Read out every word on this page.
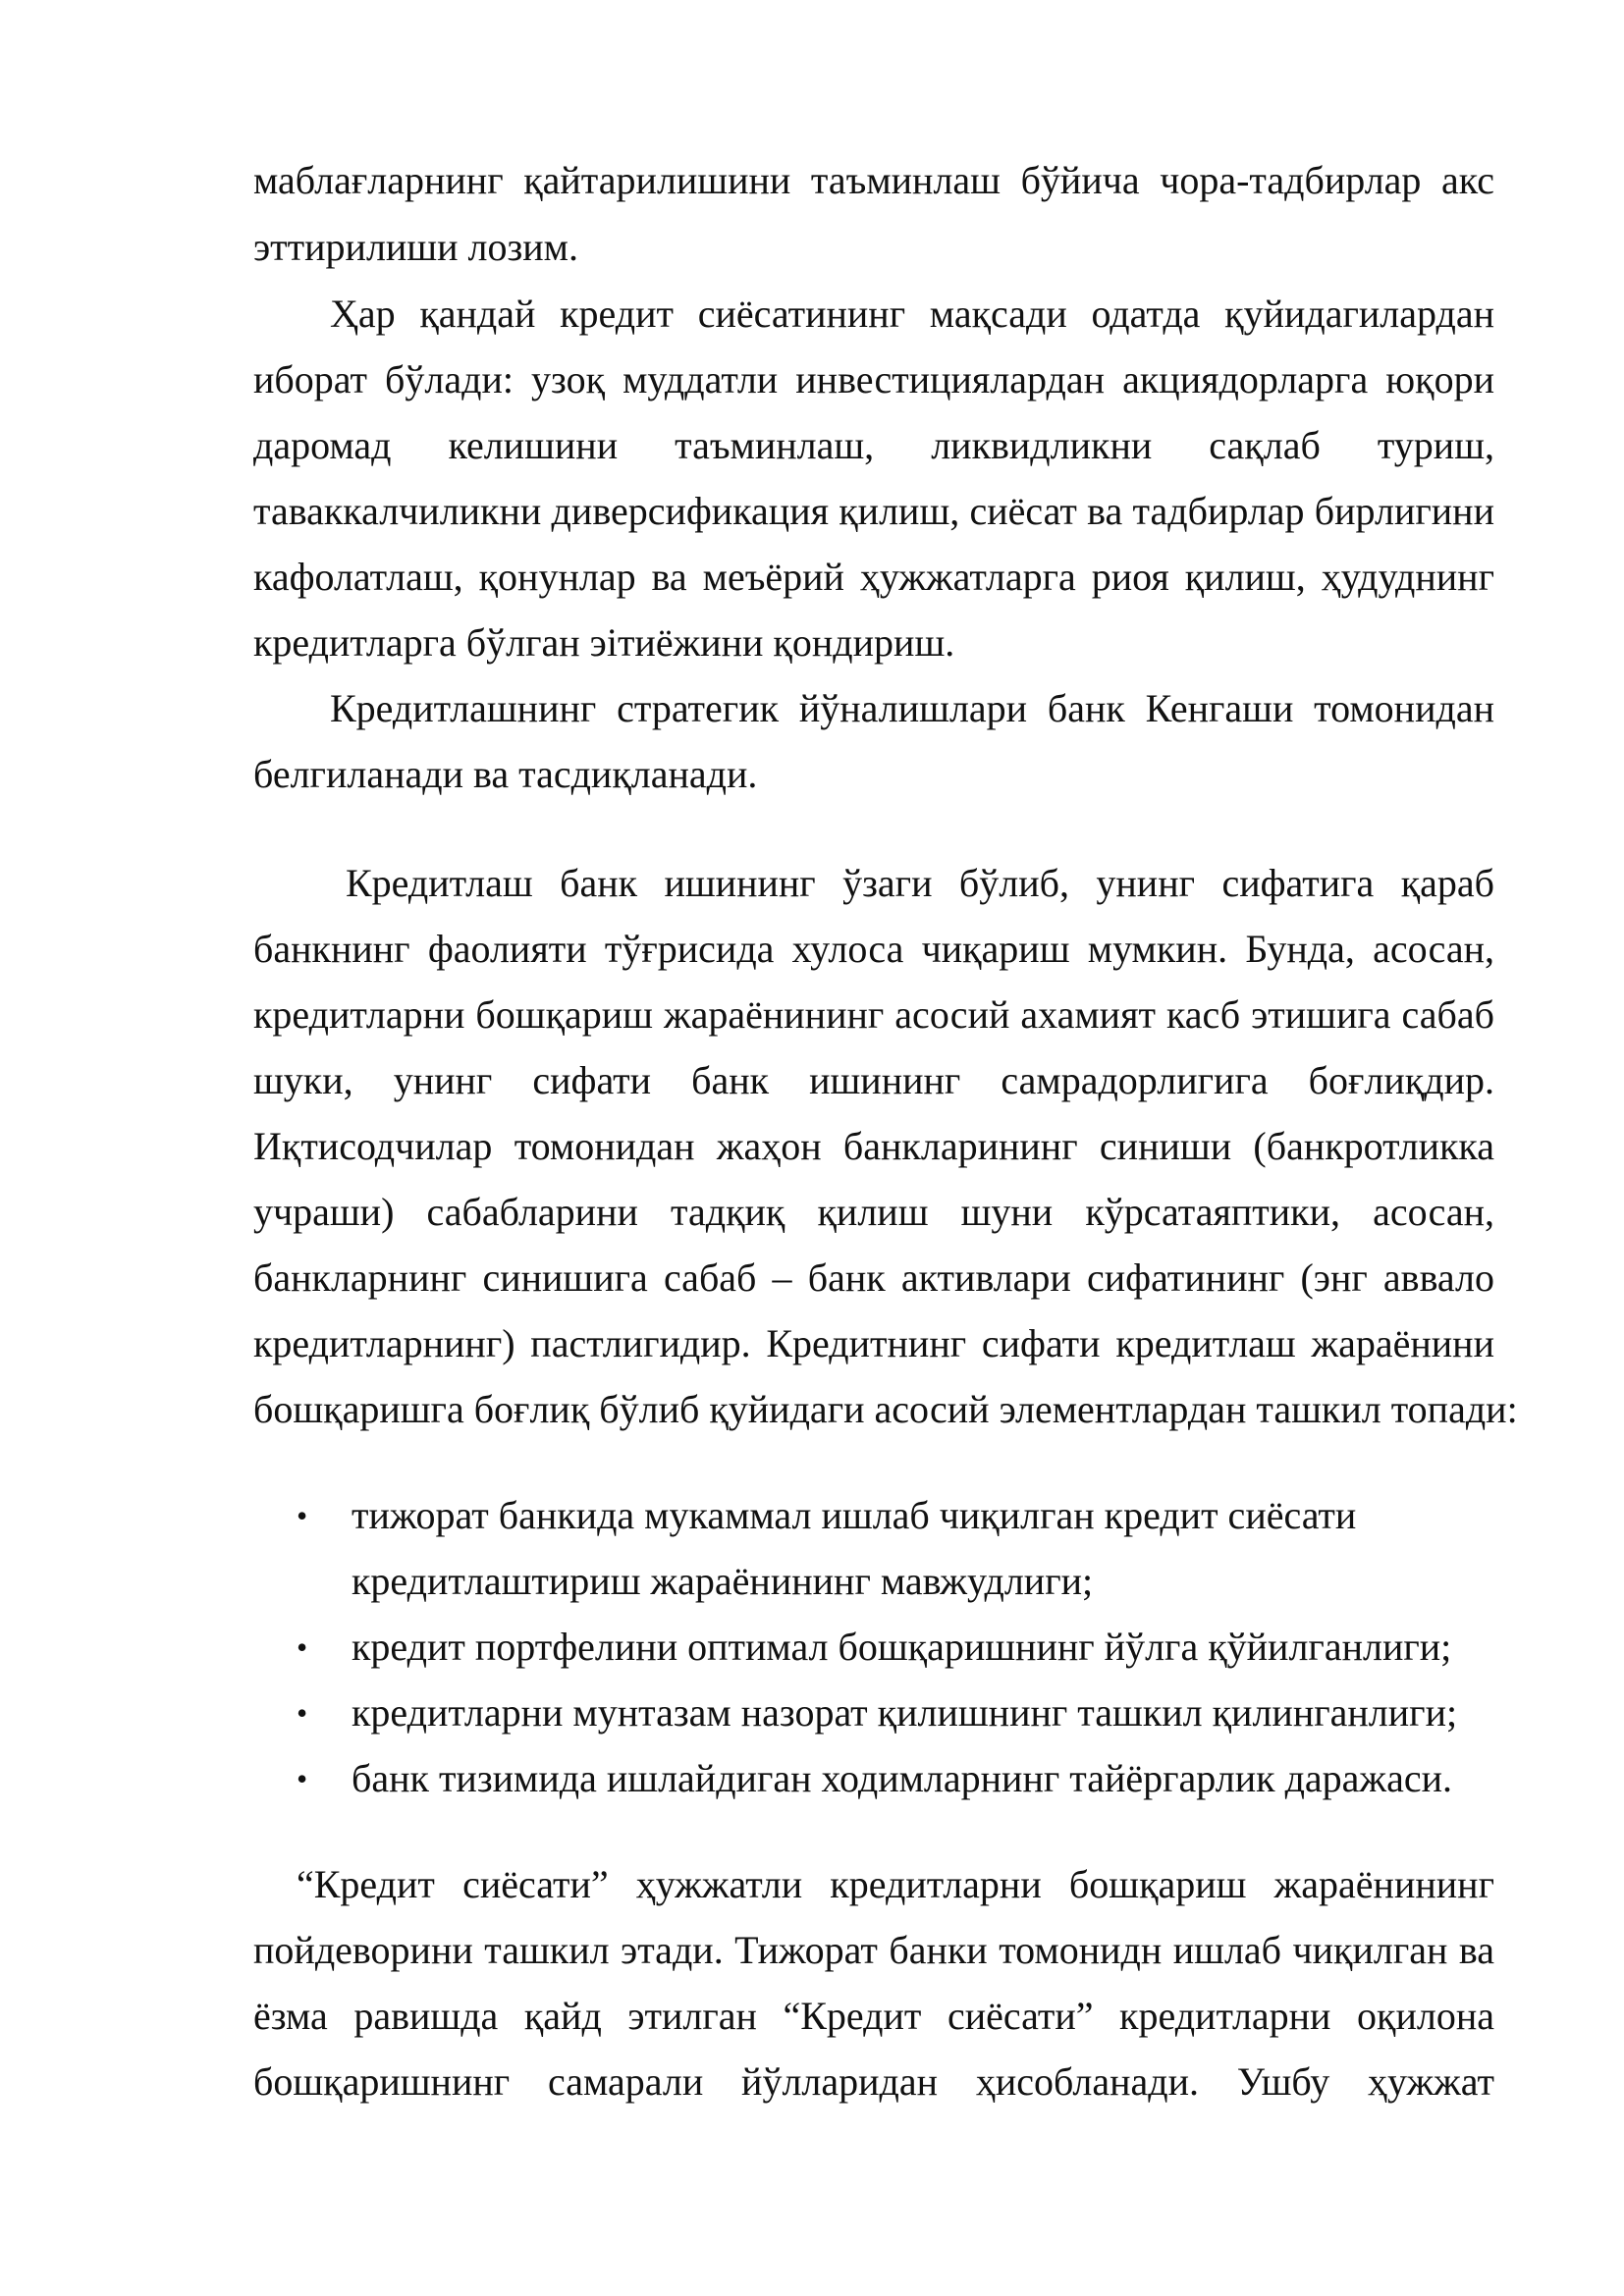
маблағларнинг қайтарилишини таъминлаш бўйича чора-тадбирлар акс
эттирилиши лозим.
Ҳар қандай кредит сиёсатининг мақсади одатда қуйидагилардан
иборат бўлади: узоқ муддатли инвестициялардан акциядорларга юқори
даромад келишини таъминлаш, ликвидликни сақлаб туриш,
таваккалчиликни диверсификация қилиш, сиёсат ва тадбирлар бирлигини
кафолатлаш, қонунлар ва меъёрий ҳужжатларга риоя қилиш, ҳудуднинг
кредитларга бўлган эітиёжини қондириш.
Кредитлашнинг стратегик йўналишлари банк Кенгаши томонидан
белгиланади ва тасдиқланади.
Кредитлаш банк ишининг ўзаги бўлиб, унинг сифатига қараб
банкнинг фаолияти тўғрисида хулоса чиқариш мумкин. Бунда, асосан,
кредитларни бошқариш жараёнининг асосий ахамият касб этишига сабаб
шуки, унинг сифати банк ишининг самрадорлигига боғлиқдир.
Иқтисодчилар томонидан жаҳон банкларининг синиши (банкротликка
учраши) сабабларини тадқиқ қилиш шуни кўрсатаяптики, асосан,
банкларнинг синишига сабаб – банк активлари сифатининг (энг аввало
кредитларнинг) пастлигидир. Кредитнинг сифати кредитлаш жараёнини
бошқаришга боғлиқ бўлиб қуйидаги асосий элементлардан ташкил топади:
• тижорат банкида мукаммал ишлаб чиқилган кредит сиёсати
кредитлаштириш жараёнининг мавжудлиги;
• кредит портфелини оптимал бошқаришнинг йўлга қўйилганлиги;
• кредитларни мунтазам назорат қилишнинг ташкил қилинганлиги;
• банк тизимида ишлайдиган ходимларнинг тайёргарлик даражаси.
“Кредит сиёсати” ҳужжатли кредитларни бошқариш жараёнининг
пойдеворини ташкил этади. Тижорат банки томонидн ишлаб чиқилган ва
ёзма равишда қайд этилган “Кредит сиёсати” кредитларни оқилона
бошқаришнинг самарали йўлларидан ҳисобланади. Ушбу ҳужжат
